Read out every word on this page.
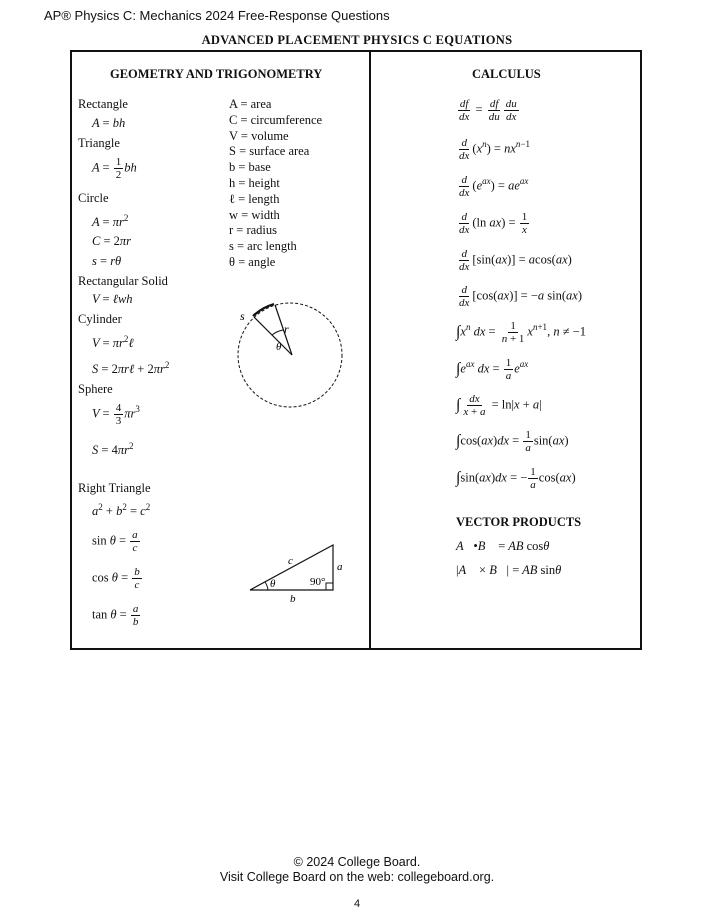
AP® Physics C: Mechanics 2024 Free-Response Questions
ADVANCED PLACEMENT PHYSICS C EQUATIONS
GEOMETRY AND TRIGONOMETRY
Rectangle
A = bh
Triangle
$A = \frac{1}{2}$ bh
Circle
$A = \pi r^2$
C = 2πr
s = rθ
Rectangular Solid
V = ℓwh
Cylinder
$V = \pi r^2\ell$
S = 2πrℓ + $2\pi r^2$
Sphere
$V = \frac{4}{3} \pi r^3$
$S = 4\pi r^2$
Right Triangle
$a^2 + b^2 = c^2$
$\sin \theta = \frac{a}{c}$
$\cos \theta = \frac{b}{c}$
$\tan \theta = \frac{a}{b}$
A = area
C = circumference
V = volume
S = surface area
b = base
h = height
ℓ = length
w = width
r = radius
s = arc length
θ = angle
s
r
θ
c	a
b
θ	90°
CALCULUS
$\frac{df}{dx} = \frac{df}{du} \frac{du}{dx}$
$\frac{d}{dx} (x^n) = nx^{n-1}$
$\frac{d}{dx} (e^{ax}) = ae^{ax}$
$\frac{d}{dx} (\ln$ $ax) = \frac{1}{x}$
$\frac{d}{dx} [\sin(ax)] = acos(ax)$
$\frac{d}{dx} [\cos(ax)] = -a$ sin(ax)
$\int x^n$ dx = $\frac{1}{n + 1} x^{n+1}$, n ≠ −1
$\int e^{ax}$ dx = $\frac{1}{a} e^{ax}$
∫ $\frac{dx}{x + a} = \ln|x + a|$
$\int\cos(ax)dx = \frac{1}{a} \sin(ax)$
∫sin(ax)dx = − $\frac{1}{a} \cos(ax)$
VECTOR PRODUCTS
A⃗•B⃗ = AB cosθ
|A⃗ × B⃗| = AB sinθ
© 2024 College Board.
Visit College Board on the web: collegeboard.org.
4
